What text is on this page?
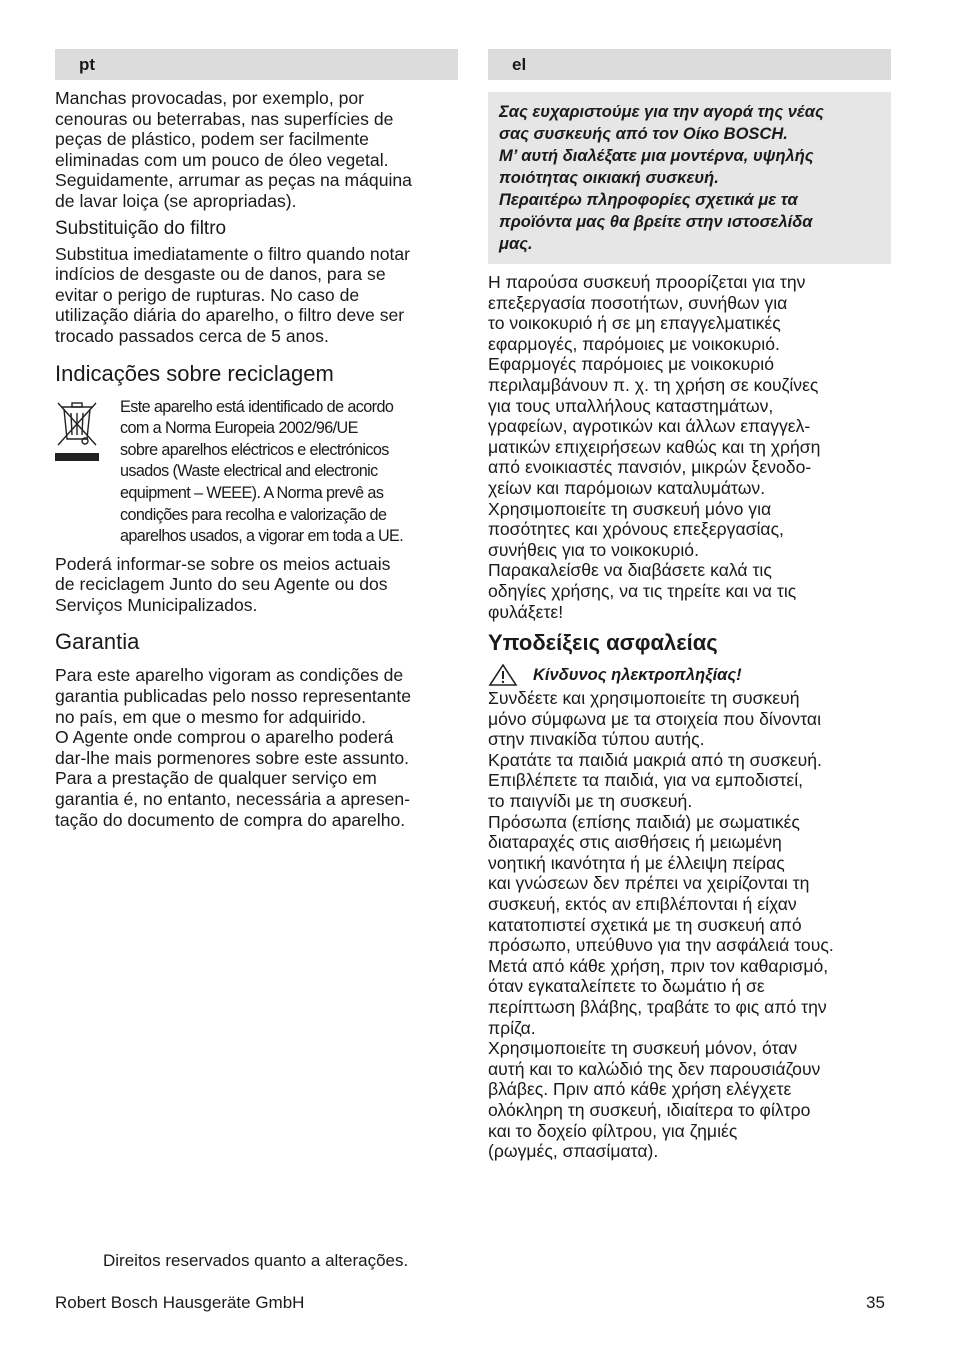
pt

Manchas provocadas, por exemplo, por
cenouras ou beterrabas, nas superfícies de
peças de plástico, podem ser facilmente
eliminadas com um pouco de óleo vegetal.
Seguidamente, arrumar as peças na máquina
de lavar loiça (se apropriadas).

Substituição do filtro

Substitua imediatamente o filtro quando notar
indícios de desgaste ou de danos, para se
evitar o perigo de rupturas. No caso de
utilização diária do aparelho, o filtro deve ser
trocado passados cerca de 5 anos.

Indicações sobre reciclagem

Este aparelho está identificado de acordo
com a Norma Europeia 2002/96/UE
sobre aparelhos eléctricos e electrónicos
usados (Waste electrical and electronic
equipment – WEEE). A Norma prevê as
condições para recolha e valorização de
aparelhos usados, a vigorar em toda a UE.

Poderá informar-se sobre os meios actuais
de reciclagem Junto do seu Agente ou dos
Serviços Municipalizados.

Garantia

Para este aparelho vigoram as condições de
garantia publicadas pelo nosso representante
no país, em que o mesmo for adquirido.
O Agente onde comprou o aparelho poderá
dar-lhe mais pormenores sobre este assunto.
Para a prestação de qualquer serviço em
garantia é, no entanto, necessária a apresen-
tação do documento de compra do aparelho.

el
Σας ευχαριστούμε για την αγορά της νέας
σας συσκευής από τον Οίκο BOSCH.
Μ’ αυτή διαλέξατε μια μοντέρνα, υψηλής
ποιότητας οικιακή συσκευή.
Περαιτέρω πληροφορίες σχετικά με τα
προϊόντα μας θα βρείτε στην ιστοσελίδα
μας.

Η παρούσα συσκευή προορίζεται για την
επεξεργασία ποσοτήτων, συνήθων για
το νοικοκυριό ή σε μη επαγγελματικές
εφαρμογές, παρόμοιες με νοικοκυριό.
Εφαρμογές παρόμοιες με νοικοκυριό
περιλαμβάνουν π. χ. τη χρήση σε κουζίνες
για τους υπαλλήλους καταστημάτων,
γραφείων, αγροτικών και άλλων επαγγελ-
ματικών επιχειρήσεων καθώς και τη χρήση
από ενοικιαστές πανσιόν, μικρών ξενοδο-
χείων και παρόμοιων καταλυμάτων.
Χρησιμοποιείτε τη συσκευή μόνο για
ποσότητες και χρόνους επεξεργασίας,
συνήθεις για το νοικοκυριό.
Παρακαλείσθε να διαβάσετε καλά τις
οδηγίες χρήσης, να τις τηρείτε και να τις
φυλάξετε!

Υποδείξεις ασφαλείας
Κίνδυνος ηλεκτροπληξίας!

Συνδέετε και χρησιμοποιείτε τη συσκευή
μόνο σύμφωνα με τα στοιχεία που δίνονται
στην πινακίδα τύπου αυτής.
Κρατάτε τα παιδιά μακριά από τη συσκευή.
Επιβλέπετε τα παιδιά, για να εμποδιστεί,
το παιγνίδι με τη συσκευή.
Πρόσωπα (επίσης παιδιά) με σωματικές
διαταραχές στις αισθήσεις ή μειωμένη
νοητική ικανότητα ή με έλλειψη πείρας
και γνώσεων δεν πρέπει να χειρίζονται τη
συσκευή, εκτός αν επιβλέπονται ή είχαν
κατατοπιστεί σχετικά με τη συσκευή από
πρόσωπο, υπεύθυνο για την ασφάλειά τους.
Μετά από κάθε χρήση, πριν τον καθαρισμό,
όταν εγκαταλείπετε το δωμάτιο ή σε
περίπτωση βλάβης, τραβάτε το φις από την
πρίζα.
Χρησιμοποιείτε τη συσκευή μόνον, όταν
αυτή και το καλώδιό της δεν παρουσιάζουν
βλάβες. Πριν από κάθε χρήση ελέγχετε
ολόκληρη τη συσκευή, ιδιαίτερα το φίλτρο
και το δοχείο φίλτρου, για ζημιές
(ρωγμές, σπασίματα).

Direitos reservados quanto a alterações.
Robert Bosch Hausgeräte GmbH	35
